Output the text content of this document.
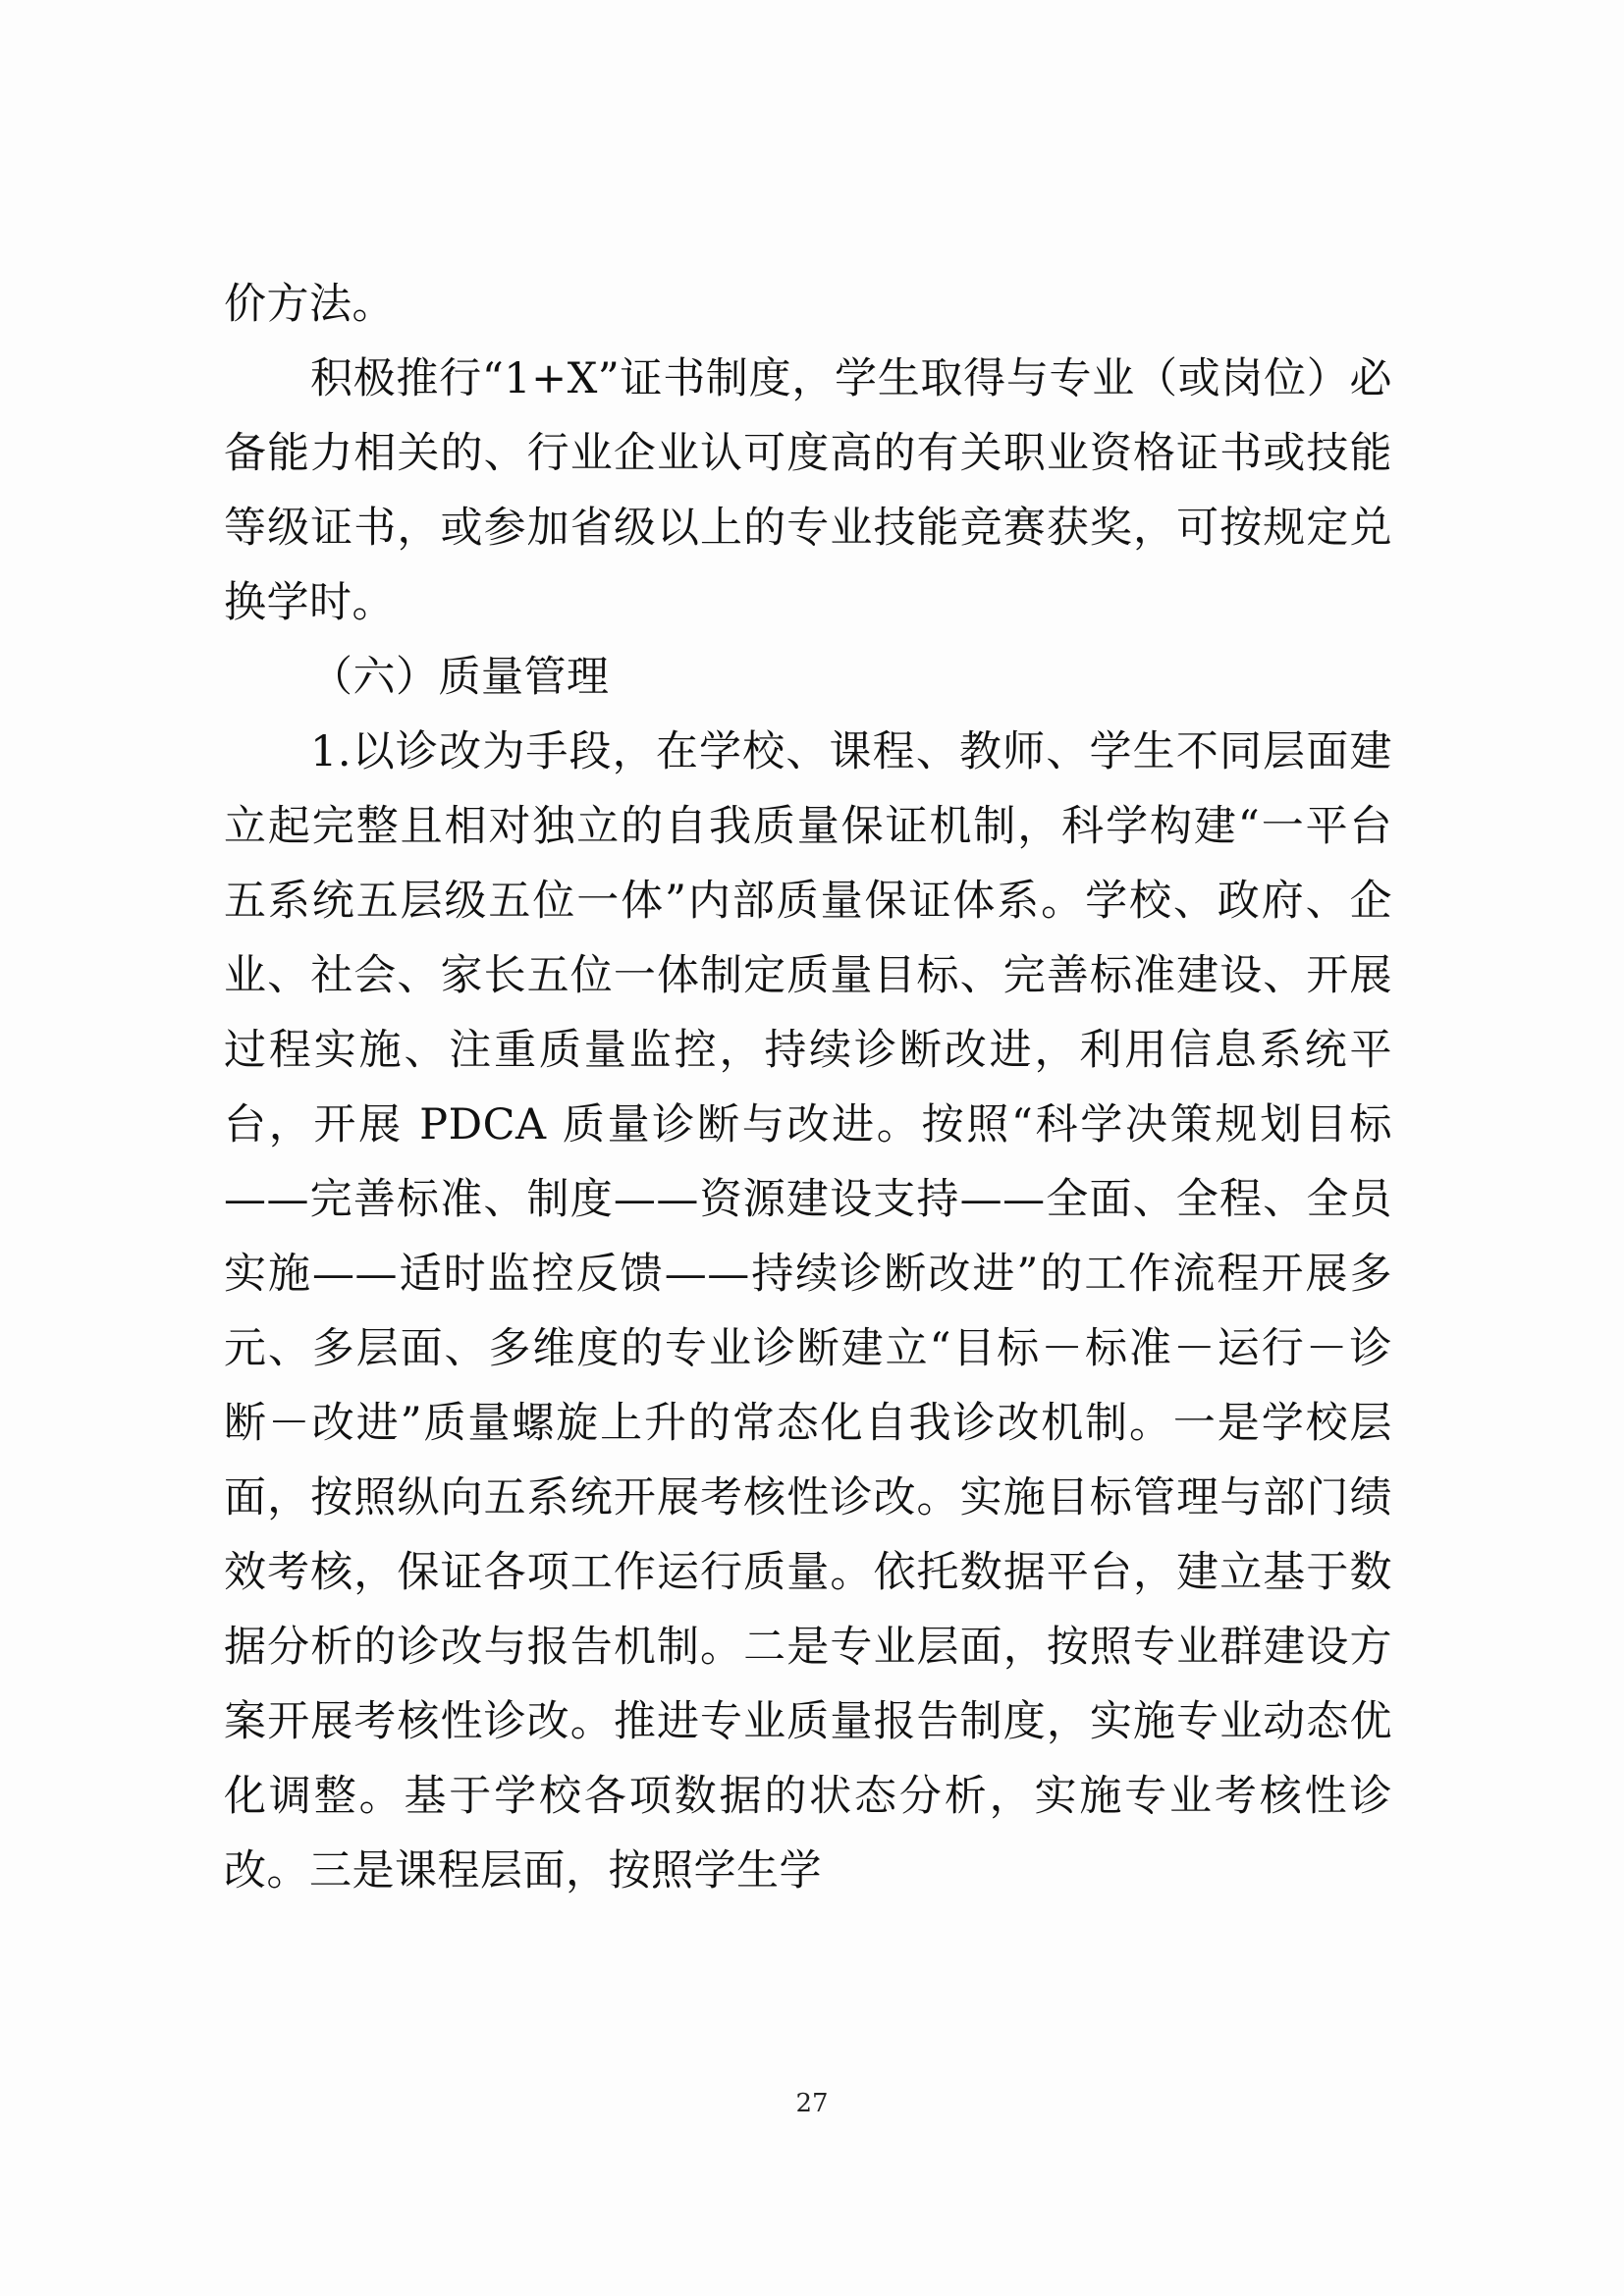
价方法。

积极推行“1+X”证书制度，学生取得与专业（或岗位）必备能力相关的、行业企业认可度高的有关职业资格证书或技能等级证书，或参加省级以上的专业技能竞赛获奖，可按规定兑换学时。

（六）质量管理

1.以诊改为手段，在学校、课程、教师、学生不同层面建立起完整且相对独立的自我质量保证机制，科学构建“一平台五系统五层级五位一体”内部质量保证体系。学校、政府、企业、社会、家长五位一体制定质量目标、完善标准建设、开展过程实施、注重质量监控，持续诊断改进，利用信息系统平台，开展 PDCA 质量诊断与改进。按照“科学决策规划目标——完善标准、制度——资源建设支持——全面、全程、全员实施——适时监控反馈——持续诊断改进”的工作流程开展多元、多层面、多维度的专业诊断建立“目标－标准－运行－诊断－改进”质量螺旋上升的常态化自我诊改机制。一是学校层面，按照纵向五系统开展考核性诊改。实施目标管理与部门绩效考核，保证各项工作运行质量。依托数据平台，建立基于数据分析的诊改与报告机制。二是专业层面，按照专业群建设方案开展考核性诊改。推进专业质量报告制度，实施专业动态优化调整。基于学校各项数据的状态分析，实施专业考核性诊改。三是课程层面，按照学生学

27
